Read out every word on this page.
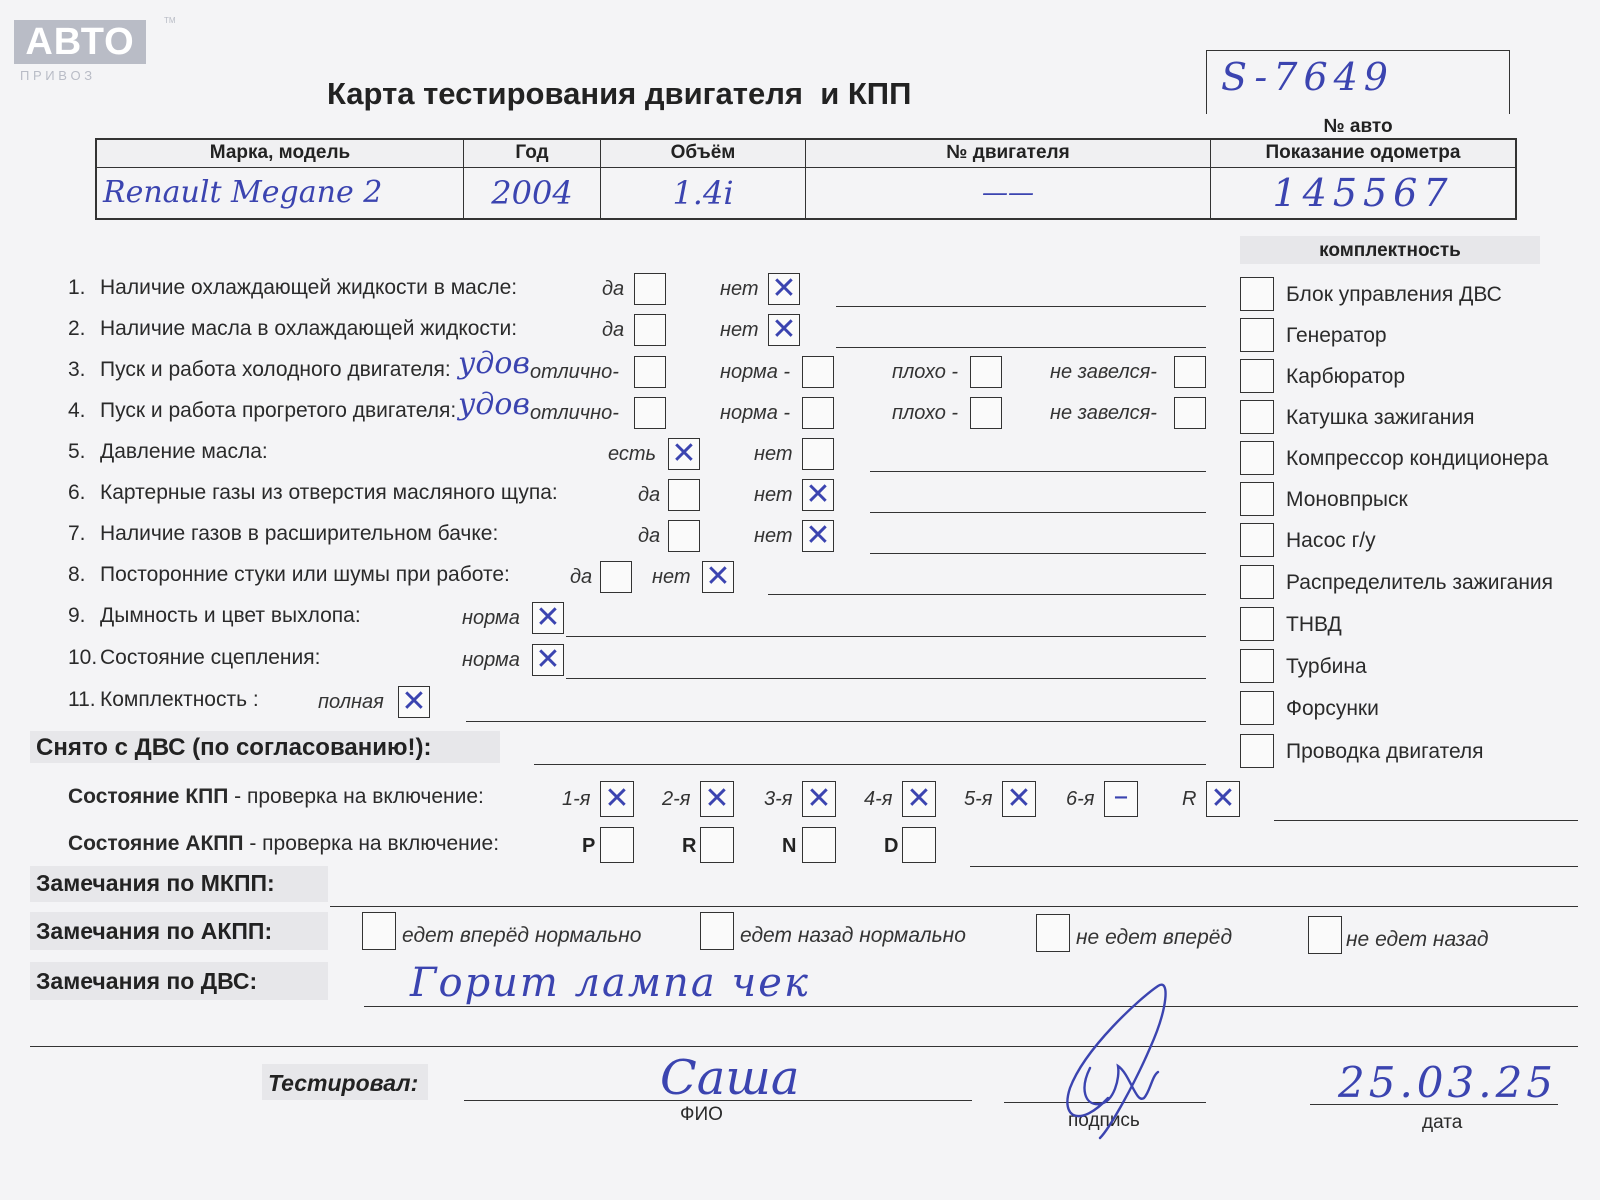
АВТО
П Р И В О З
TM
Карта тестирования двигателя  и КПП	S-7649
№ авто
Марка, модель	Год	Объём	№ двигателя	Показание одометра
Renault Megane 2	2004	1.4i	——	145567
комплектность
Блок управления ДВС
Генератор
Карбюратор
Катушка зажигания
Компрессор кондиционера
Моновпрыск
Насос г/у
Распределитель зажигания
ТНВД
Турбина
Форсунки
Проводка двигателя
1. Наличие охлаждающей жидкости в масле:	да	нет ✕
2. Наличие масла в охлаждающей жидкости:	да	нет ✕
3. Пуск и работа холодного двигателя: удов отлично-	норма -	плохо -	не завелся-
4. Пуск и работа прогретого двигателя: удов отлично-	норма -	плохо -	не завелся-
5. Давление масла:	есть ✕	нет
6. Картерные газы из отверстия масляного щупа:	да	нет ✕
7. Наличие газов в расширительном бачке:	да	нет ✕
8. Посторонние стуки или шумы при работе:	да	нет ✕
9. Дымность и цвет выхлопа:	норма ✕
10. Состояние сцепления:	норма ✕
11. Комплектность :	полная ✕
Снято с ДВС (по согласованию!):
Состояние КПП - проверка на включение:	1-я ✕ 2-я ✕ 3-я ✕ 4-я ✕ 5-я ✕ 6-я –	R ✕
Состояние АКПП - проверка на включение:	P	R	N	D
Замечания по МКПП:
Замечания по АКПП:	едет вперёд нормально	едет назад нормально	не едет вперёд	не едет назад
Замечания по ДВС:	Горит лампа чек
Тестировал:	Саша
ФИО	подпись
25.03.25
дата
